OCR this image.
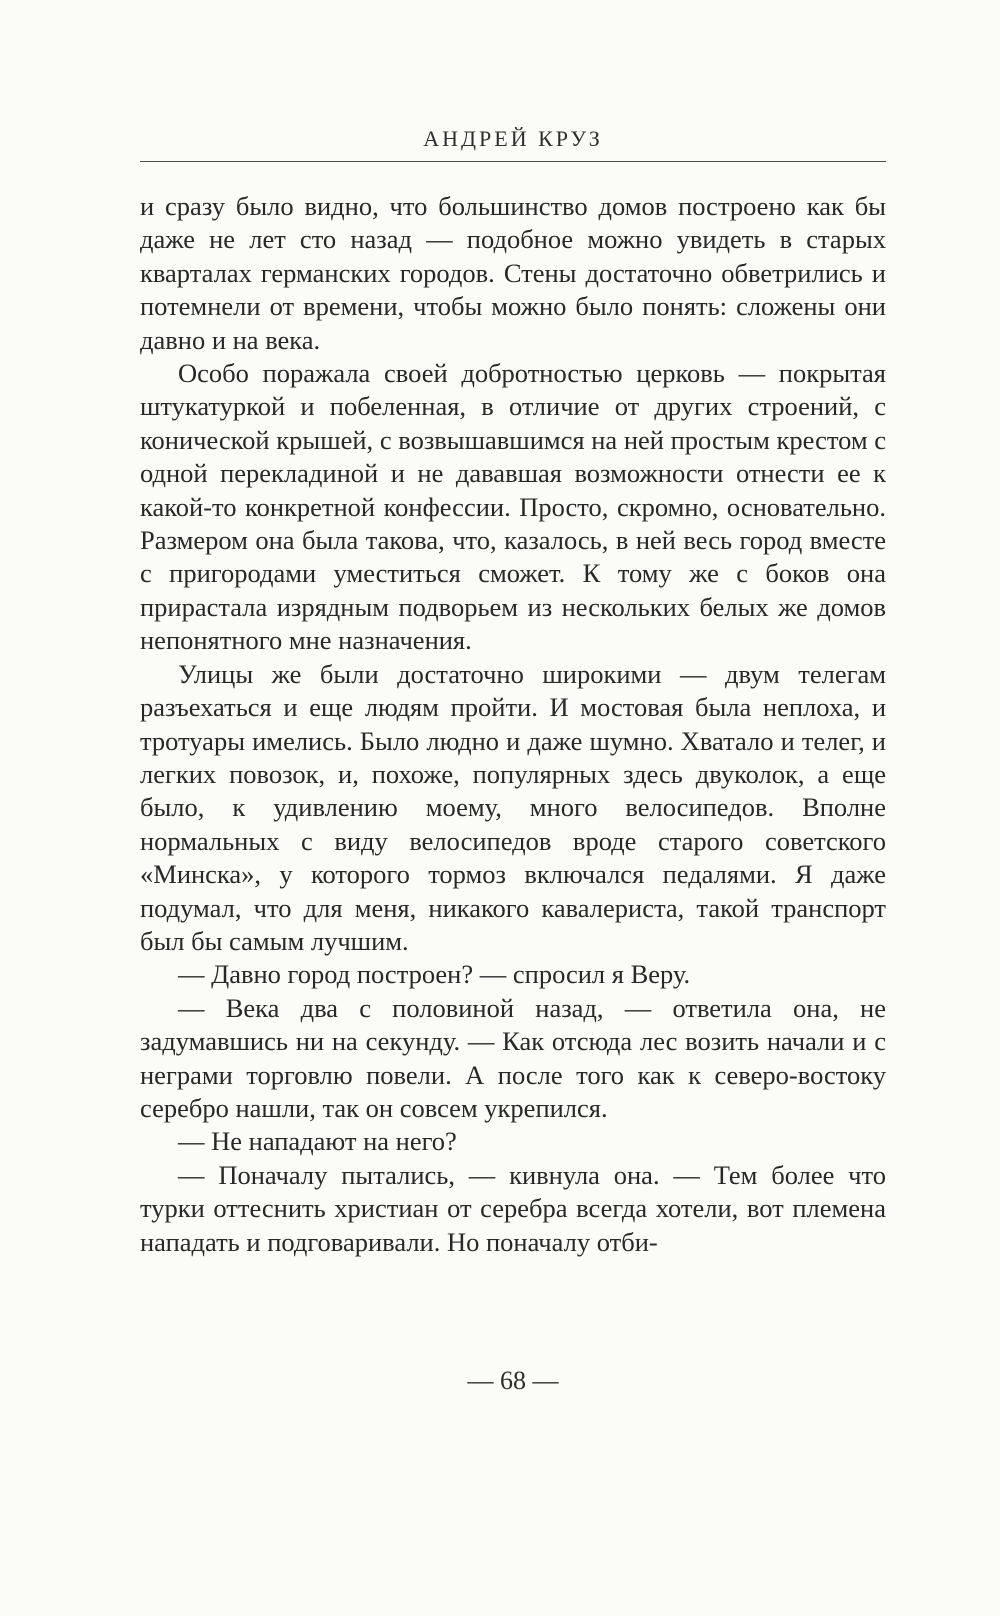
АНДРЕЙ КРУЗ

и сразу было видно, что большинство домов построено как бы даже не лет сто назад — подобное можно увидеть в старых кварталах германских городов. Стены достаточно обветрились и потемнели от времени, чтобы можно было понять: сложены они давно и на века.

Особо поражала своей добротностью церковь — покрытая штукатуркой и побеленная, в отличие от других строений, с конической крышей, с возвышавшимся на ней простым крестом с одной перекладиной и не дававшая возможности отнести ее к какой-то конкретной конфессии. Просто, скромно, основательно. Размером она была такова, что, казалось, в ней весь город вместе с пригородами уместиться сможет. К тому же с боков она прирастала изрядным подворьем из нескольких белых же домов непонятного мне назначения.

Улицы же были достаточно широкими — двум телегам разъехаться и еще людям пройти. И мостовая была неплоха, и тротуары имелись. Было людно и даже шумно. Хватало и телег, и легких повозок, и, похоже, популярных здесь двуколок, а еще было, к удивлению моему, много велосипедов. Вполне нормальных с виду велосипедов вроде старого советского «Минска», у которого тормоз включался педалями. Я даже подумал, что для меня, никакого кавалериста, такой транспорт был бы самым лучшим.

— Давно город построен? — спросил я Веру.

— Века два с половиной назад, — ответила она, не задумавшись ни на секунду. — Как отсюда лес возить начали и с неграми торговлю повели. А после того как к северо-востоку серебро нашли, так он совсем укрепился.

— Не нападают на него?

— Поначалу пытались, — кивнула она. — Тем более что турки оттеснить христиан от серебра всегда хотели, вот племена нападать и подговаривали. Но поначалу отби-

— 68 —
